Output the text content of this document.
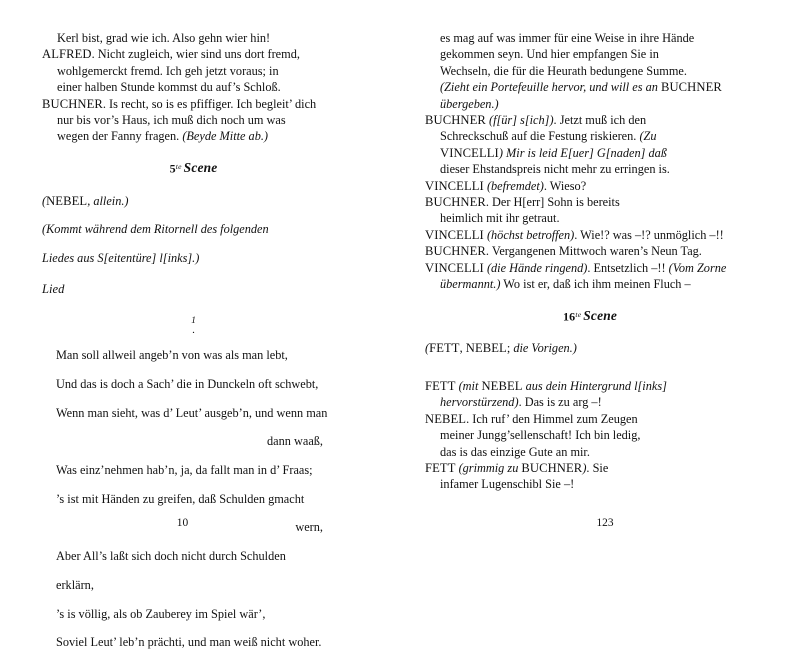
Kerl bist, grad wie ich. Also gehn wier hin!

ALFRED. Nicht zugleich, wier sind uns dort fremd,

wohlgemerckt fremd. Ich geh jetzt voraus; in

einer halben Stunde kommst du auf’s Schloß.

BUCHNER. Is recht, so is es pfiffiger. Ich begleit’ dich

nur bis vor’s Haus, ich muß dich noch um was

wegen der Fanny fragen. (Beyde Mitte ab.)

$5^{te}$ Scene

(NEBEL, allein.)

(Kommt während dem Ritornell des folgenden

Liedes aus S[eitentüre] l[inks].)

Lied

1
.

Man soll allweil angeb’n von was als man lebt,

Und das is doch a Sach’ die in Dunckeln oft schwebt,

Wenn man sieht, was d’ Leut’ ausgeb’n, und wenn man

dann waaß,

Was einz’nehmen hab’n, ja, da fallt man in d’ Fraas;

’s ist mit Händen zu greifen, daß Schulden gmacht

wern,

Aber All’s laßt sich doch nicht durch Schulden

erklärn,

’s is völlig, als ob Zauberey im Spiel wär’,

Soviel Leut’ leb’n prächti, und man weiß nicht woher.

10

es mag auf was immer für eine Weise in ihre Hände

gekommen seyn. Und hier empfangen Sie in

Wechseln, die für die Heurath bedungene Summe.

(Zieht ein Portefeuille hervor, und will es an BUCHNER

übergeben.)

BUCHNER (f[ür] s[ich]). Jetzt muß ich den

Schreckschuß auf die Festung riskieren. (Zu

VINCELLI) Mir is leid E[uer] G[naden] daß

dieser Ehstandspreis nicht mehr zu erringen is.

VINCELLI (befremdet). Wieso?

BUCHNER. Der H[err] Sohn is bereits

heimlich mit ihr getraut.

VINCELLI (höchst betroffen). Wie!? was –!? unmöglich –!!

BUCHNER. Vergangenen Mittwoch waren’s Neun Tag.

VINCELLI (die Hände ringend). Entsetzlich –!! (Vom Zorne

übermannt.) Wo ist er, daß ich ihm meinen Fluch –

$16^{te}$ Scene

(FETT, NEBEL; die Vorigen.)

FETT (mit NEBEL aus dein Hintergrund l[inks]

hervorstürzend). Das is zu arg –!

NEBEL. Ich ruf’ den Himmel zum Zeugen

meiner Jungg’sellenschaft! Ich bin ledig,

das is das einzige Gute an mir.

FETT (grimmig zu BUCHNER). Sie

infamer Lugenschibl Sie –!

123
